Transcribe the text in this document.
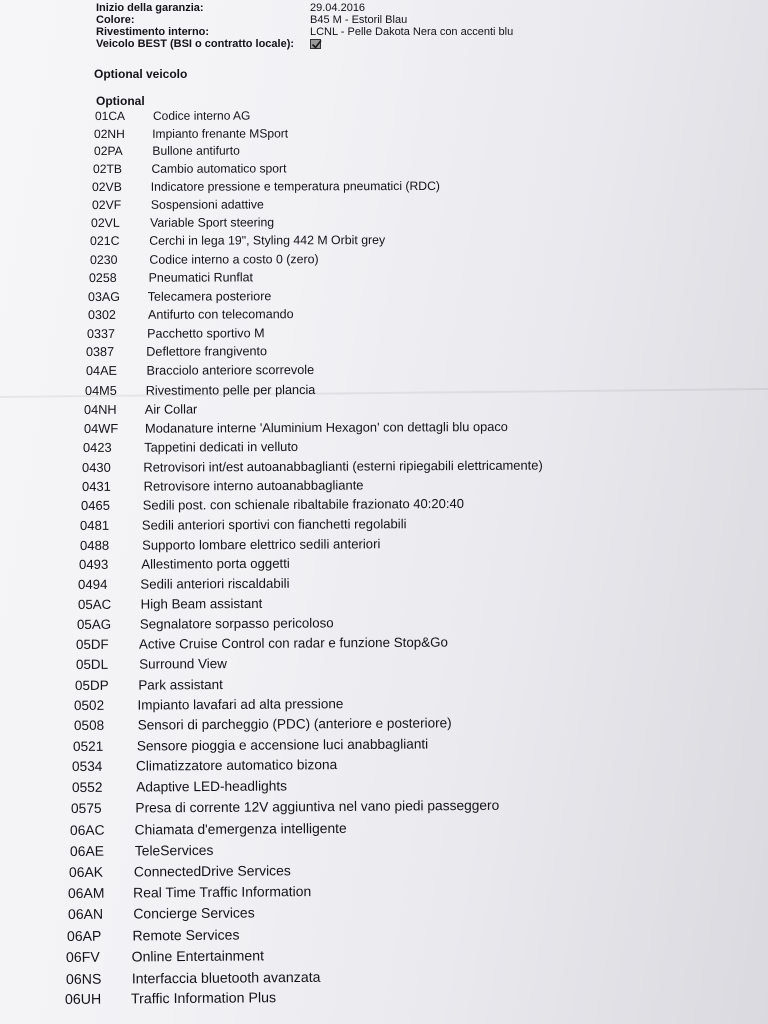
Inizio della garanzia:	29.04.2016
Colore:	B45 M - Estoril Blau
Rivestimento interno:	LCNL - Pelle Dakota Nera con accenti blu
Veicolo BEST (BSI o contratto locale):
Optional veicolo
Optional
01CA Codice interno AG
02NH Impianto frenante MSport
02PA Bullone antifurto
02TB Cambio automatico sport
02VB Indicatore pressione e temperatura pneumatici (RDC)
02VF Sospensioni adattive
02VL Variable Sport steering
021C Cerchi in lega 19", Styling 442 M Orbit grey
0230	Codice interno a costo 0 (zero)
0258	Pneumatici Runflat
03AG Telecamera posteriore
0302	Antifurto con telecomando
0337	Pacchetto sportivo M
0387	Deflettore frangivento
04AE Bracciolo anteriore scorrevole
04M5 Rivestimento pelle per plancia
04NH Air Collar
04WF Modanature interne 'Aluminium Hexagon' con dettagli blu opaco
0423	Tappetini dedicati in velluto
0430	Retrovisori int/est autoanabbaglianti (esterni ripiegabili elettricamente)
0431	Retrovisore interno autoanabbagliante
0465	Sedili post. con schienale ribaltabile frazionato 40:20:40
0481	Sedili anteriori sportivi con fianchetti regolabili
0488	Supporto lombare elettrico sedili anteriori
0493	Allestimento porta oggetti
0494 Sedili anteriori riscaldabili
05AC High Beam assistant
05AG Segnalatore sorpasso pericoloso
05DF Active Cruise Control con radar e funzione Stop&Go
05DL Surround View
05DP Park assistant
0502 Impianto lavafari ad alta pressione
0508 Sensori di parcheggio (PDC) (anteriore e posteriore)
0521 Sensore pioggia e accensione luci anabbaglianti
0534 Climatizzatore automatico bizona
0552 Adaptive LED-headlights
0575 Presa di corrente 12V aggiuntiva nel vano piedi passeggero
06AC Chiamata d'emergenza intelligente
06AE TeleServices
06AK ConnectedDrive Services
06AM Real Time Traffic Information
06AN Concierge Services
06AP Remote Services
06FV Online Entertainment
06NS Interfaccia bluetooth avanzata
06UH Traffic Information Plus
